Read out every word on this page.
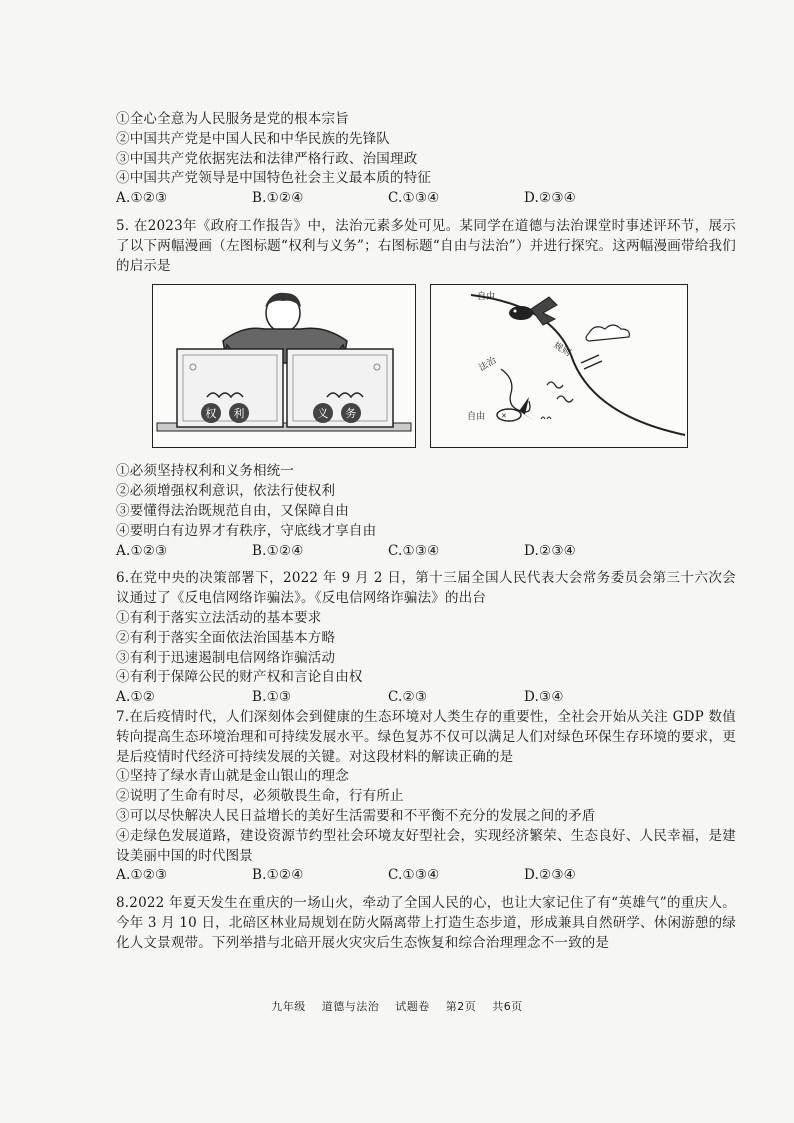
①全心全意为人民服务是党的根本宗旨
②中国共产党是中国人民和中华民族的先锋队
③中国共产党依据宪法和法律严格行政、治国理政
④中国共产党领导是中国特色社会主义最本质的特征
A.①②③	B.①②④	C.①③④	D.②③④
5. 在2023年《政府工作报告》中，法治元素多处可见。某同学在道德与法治课堂时事述评环节，展示了以下两幅漫画（左图标题“权利与义务”；右图标题“自由与法治”）并进行探究。这两幅漫画带给我们的启示是
权 利	义 务
自由
规则
法治
✕
自由
①必须坚持权利和义务相统一
②必须增强权利意识，依法行使权利
③要懂得法治既规范自由，又保障自由
④要明白有边界才有秩序，守底线才享自由
A.①②③	B.①②④	C.①③④	D.②③④
6.在党中央的决策部署下，2022 年 9 月 2 日，第十三届全国人民代表大会常务委员会第三十六次会议通过了《反电信网络诈骗法》。《反电信网络诈骗法》的出台
①有利于落实立法活动的基本要求
②有利于落实全面依法治国基本方略
③有利于迅速遏制电信网络诈骗活动
④有利于保障公民的财产权和言论自由权
A.①②	B.①③	C.②③	D.③④
7.在后疫情时代，人们深刻体会到健康的生态环境对人类生存的重要性，全社会开始从关注 GDP 数值转向提高生态环境治理和可持续发展水平。绿色复苏不仅可以满足人们对绿色环保生存环境的要求，更是后疫情时代经济可持续发展的关键。对这段材料的解读正确的是
①坚持了绿水青山就是金山银山的理念
②说明了生命有时尽，必须敬畏生命，行有所止
③可以尽快解决人民日益增长的美好生活需要和不平衡不充分的发展之间的矛盾
④走绿色发展道路，建设资源节约型社会环境友好型社会，实现经济繁荣、生态良好、人民幸福，是建设美丽中国的时代图景
A.①②③	B.①②④	C.①③④	D.②③④
8.2022 年夏天发生在重庆的一场山火，牵动了全国人民的心，也让大家记住了有“英雄气”的重庆人。今年 3 月 10 日，北碚区林业局规划在防火隔离带上打造生态步道，形成兼具自然研学、休闲游憩的绿化人文景观带。下列举措与北碚开展火灾灾后生态恢复和综合治理理念不一致的是
九年级 道德与法治 试题卷 第2页 共6页
